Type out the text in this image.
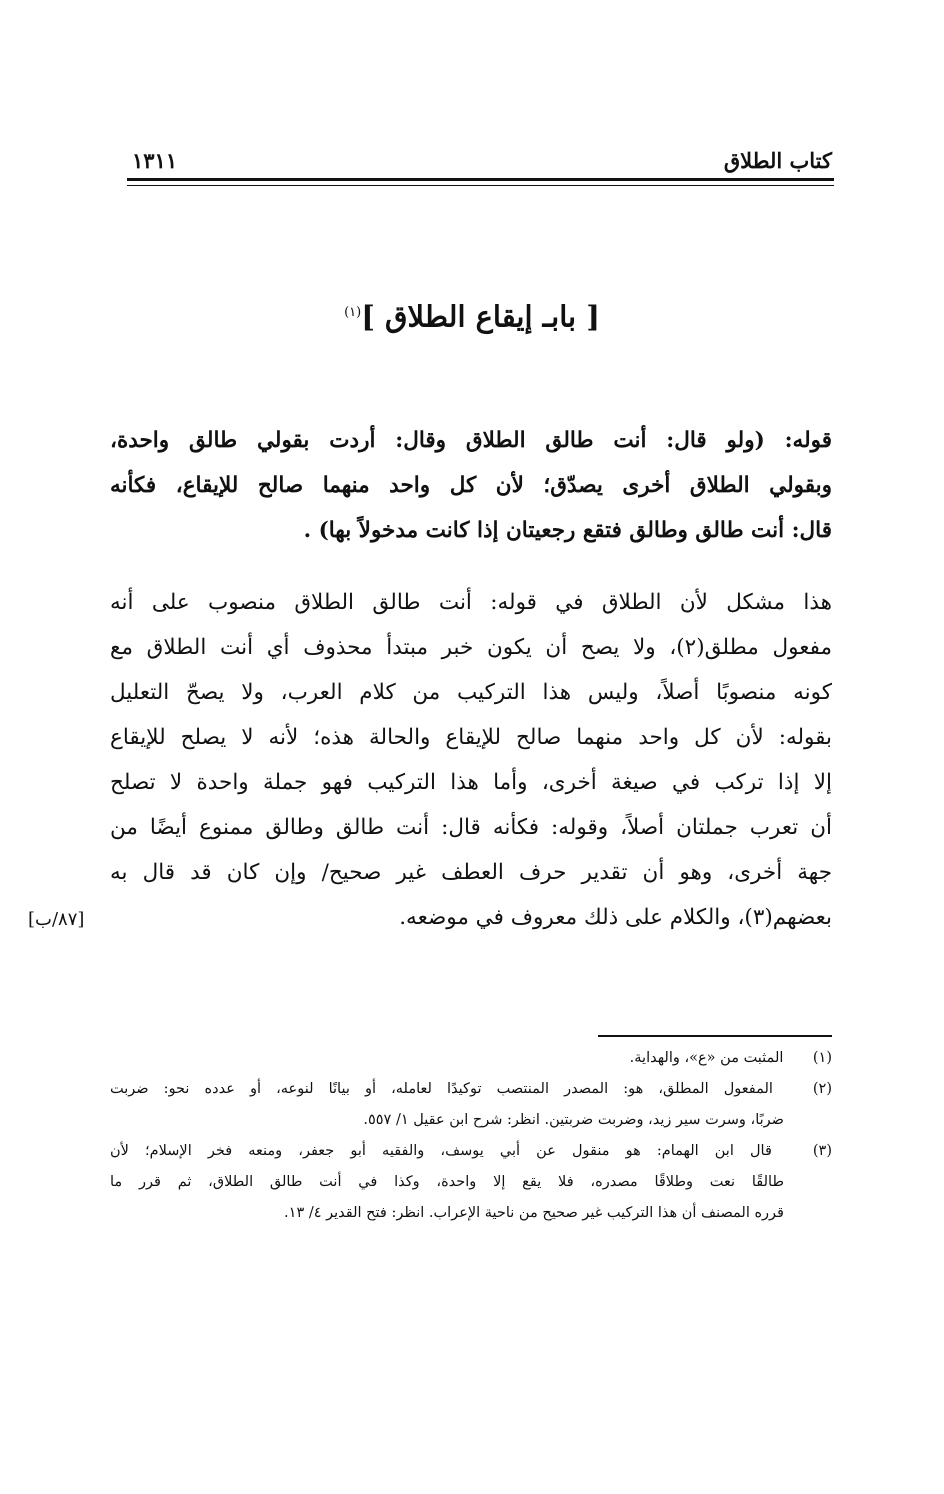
كتاب الطلاق
١٣١١
[ بابـ إيقاع الطلاق ]$^{(١)}$
قوله: (ولو قال: أنت طالق الطلاق وقال: أردت بقولي طالق واحدة،
وبقولي الطلاق أخرى يصدّق؛ لأن كل واحد منهما صالح للإيقاع، فكأنه
قال: أنت طالق وطالق فتقع رجعيتان إذا كانت مدخولاً بها) .
هذا مشكل لأن الطلاق في قوله: أنت طالق الطلاق منصوب على أنه
مفعول مطلق(٢)، ولا يصح أن يكون خبر مبتدأ محذوف أي أنت الطلاق مع
كونه منصوبًا أصلاً، وليس هذا التركيب من كلام العرب، ولا يصحّ التعليل
بقوله: لأن كل واحد منهما صالح للإيقاع والحالة هذه؛ لأنه لا يصلح للإيقاع
إلا إذا تركب في صيغة أخرى، وأما هذا التركيب فهو جملة واحدة لا تصلح
أن تعرب جملتان أصلاً، وقوله: فكأنه قال: أنت طالق وطالق ممنوع أيضًا من
جهة أخرى، وهو أن تقدير حرف العطف غير صحيح/ وإن كان قد قال به
بعضهم(٣)، والكلام على ذلك معروف في موضعه.
[٨٧/ب]
(١) المثبت من «ع»، والهداية.
(٢) المفعول المطلق، هو: المصدر المنتصب توكيدًا لعامله، أو بيانًا لنوعه، أو عدده نحو: ضربت
ضربًا، وسرت سير زيد، وضربت ضربتين. انظر: شرح ابن عقيل ١/ ٥٥٧.
(٣) قال ابن الهمام: هو منقول عن أبي يوسف، والفقيه أبو جعفر، ومنعه فخر الإسلام؛ لأن
طالقًا نعت وطلاقًا مصدره، فلا يقع إلا واحدة، وكذا في أنت طالق الطلاق، ثم قرر ما
قرره المصنف أن هذا التركيب غير صحيح من ناحية الإعراب. انظر: فتح القدير ٤/ ١٣.
